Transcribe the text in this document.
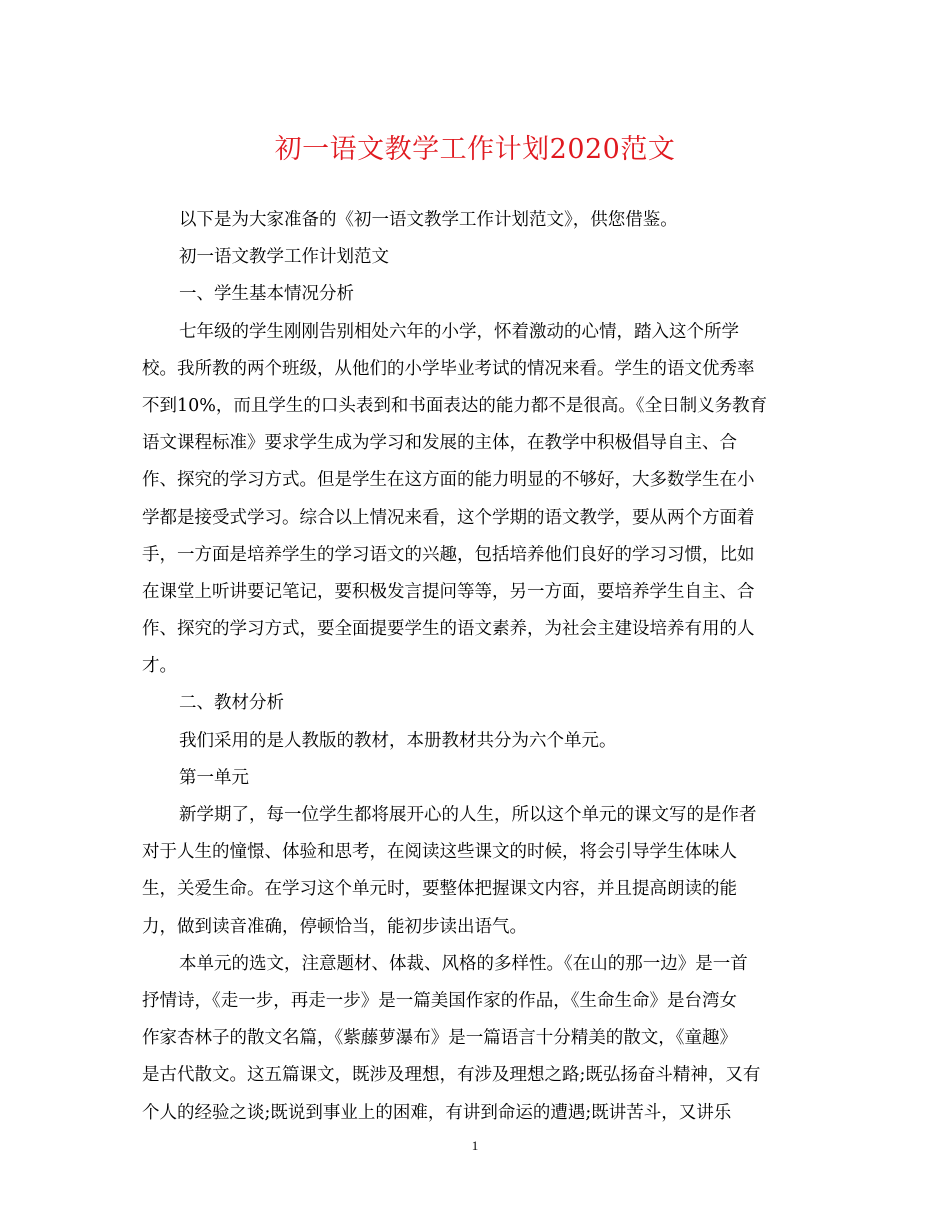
初一语文教学工作计划2020范文
以下是为大家准备的《初一语文教学工作计划范文》，供您借鉴。
初一语文教学工作计划范文
一、学生基本情况分析
七年级的学生刚刚告别相处六年的小学，怀着激动的心情，踏入这个所学
校。我所教的两个班级，从他们的小学毕业考试的情况来看。学生的语文优秀率
不到10%，而且学生的口头表到和书面表达的能力都不是很高。《全日制义务教育
语文课程标准》要求学生成为学习和发展的主体，在教学中积极倡导自主、合
作、探究的学习方式。但是学生在这方面的能力明显的不够好，大多数学生在小
学都是接受式学习。综合以上情况来看，这个学期的语文教学，要从两个方面着
手，一方面是培养学生的学习语文的兴趣，包括培养他们良好的学习习惯，比如
在课堂上听讲要记笔记，要积极发言提问等等，另一方面，要培养学生自主、合
作、探究的学习方式，要全面提要学生的语文素养，为社会主建设培养有用的人
才。
二、教材分析
我们采用的是人教版的教材，本册教材共分为六个单元。
第一单元
新学期了，每一位学生都将展开心的人生，所以这个单元的课文写的是作者
对于人生的憧憬、体验和思考，在阅读这些课文的时候，将会引导学生体味人
生，关爱生命。在学习这个单元时，要整体把握课文内容，并且提高朗读的能
力，做到读音准确，停顿恰当，能初步读出语气。
本单元的选文，注意题材、体裁、风格的多样性。《在山的那一边》是一首
抒情诗，《走一步，再走一步》是一篇美国作家的作品，《生命生命》是台湾女
作家杏林子的散文名篇，《紫藤萝瀑布》是一篇语言十分精美的散文，《童趣》
是古代散文。这五篇课文，既涉及理想，有涉及理想之路;既弘扬奋斗精神，又有
个人的经验之谈;既说到事业上的困难，有讲到命运的遭遇;既讲苦斗，又讲乐
1
